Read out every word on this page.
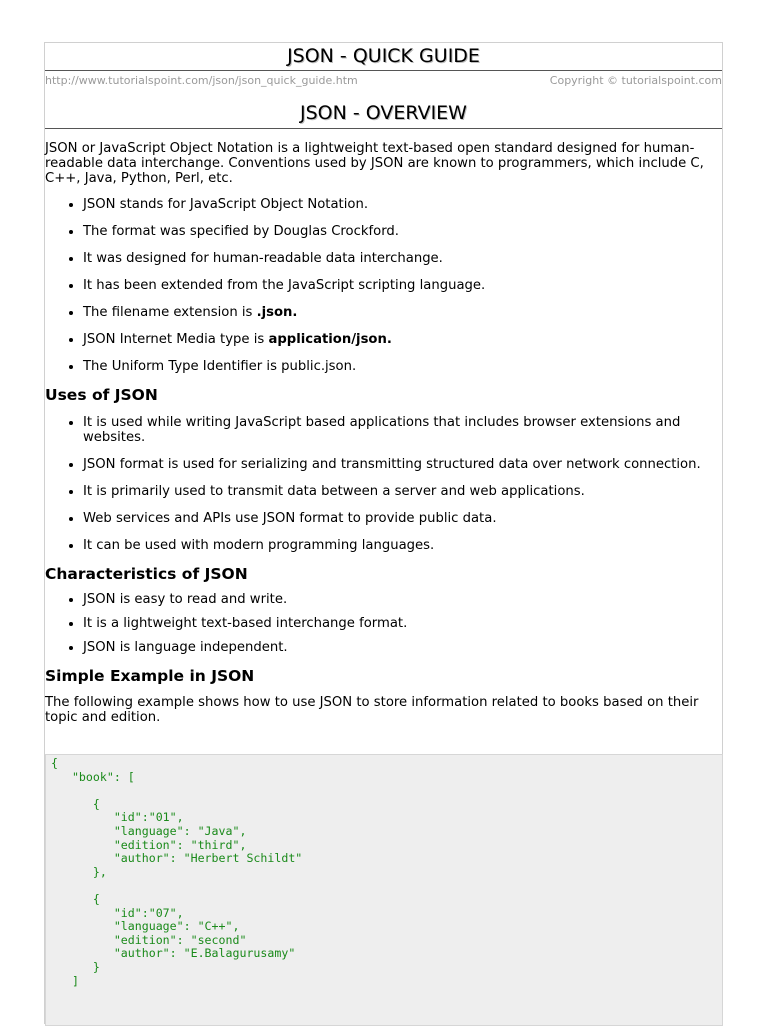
JSON - QUICK GUIDE
http://www.tutorialspoint.com/json/json_quick_guide.htm	Copyright © tutorialspoint.com
JSON - OVERVIEW

JSON or JavaScript Object Notation is a lightweight text-based open standard designed for human-readable data interchange. Conventions used by JSON are known to programmers, which include C, C++, Java, Python, Perl, etc.

• JSON stands for JavaScript Object Notation.
• The format was specified by Douglas Crockford.
• It was designed for human-readable data interchange.
• It has been extended from the JavaScript scripting language.
• The filename extension is .json.
• JSON Internet Media type is application/json.
• The Uniform Type Identifier is public.json.
Uses of JSON
• It is used while writing JavaScript based applications that includes browser extensions and websites.
• JSON format is used for serializing and transmitting structured data over network connection.
• It is primarily used to transmit data between a server and web applications.
• Web services and APIs use JSON format to provide public data.
• It can be used with modern programming languages.
Characteristics of JSON
• JSON is easy to read and write.
• It is a lightweight text-based interchange format.
• JSON is language independent.
Simple Example in JSON

The following example shows how to use JSON to store information related to books based on their topic and edition.

{
"book": [

{
"id":"01",
"language": "Java",
"edition": "third",
"author": "Herbert Schildt"
},

{
"id":"07",
"language": "C++",
"edition": "second"
"author": "E.Balagurusamy"
}
]
